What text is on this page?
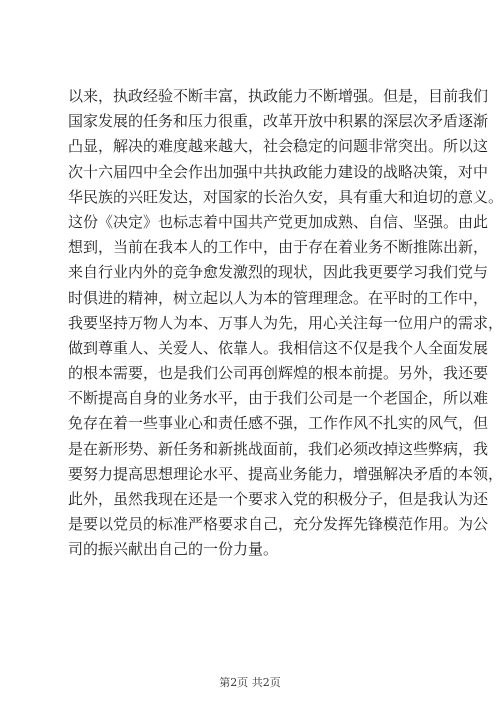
以来，执政经验不断丰富，执政能力不断增强。但是，目前我们
国家发展的任务和压力很重，改革开放中积累的深层次矛盾逐渐
凸显，解决的难度越来越大，社会稳定的问题非常突出。所以这
次十六届四中全会作出加强中共执政能力建设的战略决策，对中
华民族的兴旺发达，对国家的长治久安，具有重大和迫切的意义。
这份《决定》也标志着中国共产党更加成熟、自信、坚强。由此
想到，当前在我本人的工作中，由于存在着业务不断推陈出新，
来自行业内外的竞争愈发激烈的现状，因此我更要学习我们党与
时俱进的精神，树立起以人为本的管理理念。在平时的工作中，
我要坚持万物人为本、万事人为先，用心关注每一位用户的需求，
做到尊重人、关爱人、依靠人。我相信这不仅是我个人全面发展
的根本需要，也是我们公司再创辉煌的根本前提。另外，我还要
不断提高自身的业务水平，由于我们公司是一个老国企，所以难
免存在着一些事业心和责任感不强，工作作风不扎实的风气，但
是在新形势、新任务和新挑战面前，我们必须改掉这些弊病，我
要努力提高思想理论水平、提高业务能力，增强解决矛盾的本领，
此外，虽然我现在还是一个要求入党的积极分子，但是我认为还
是要以党员的标准严格要求自己，充分发挥先锋模范作用。为公
司的振兴献出自己的一份力量。
第2页 共2页
